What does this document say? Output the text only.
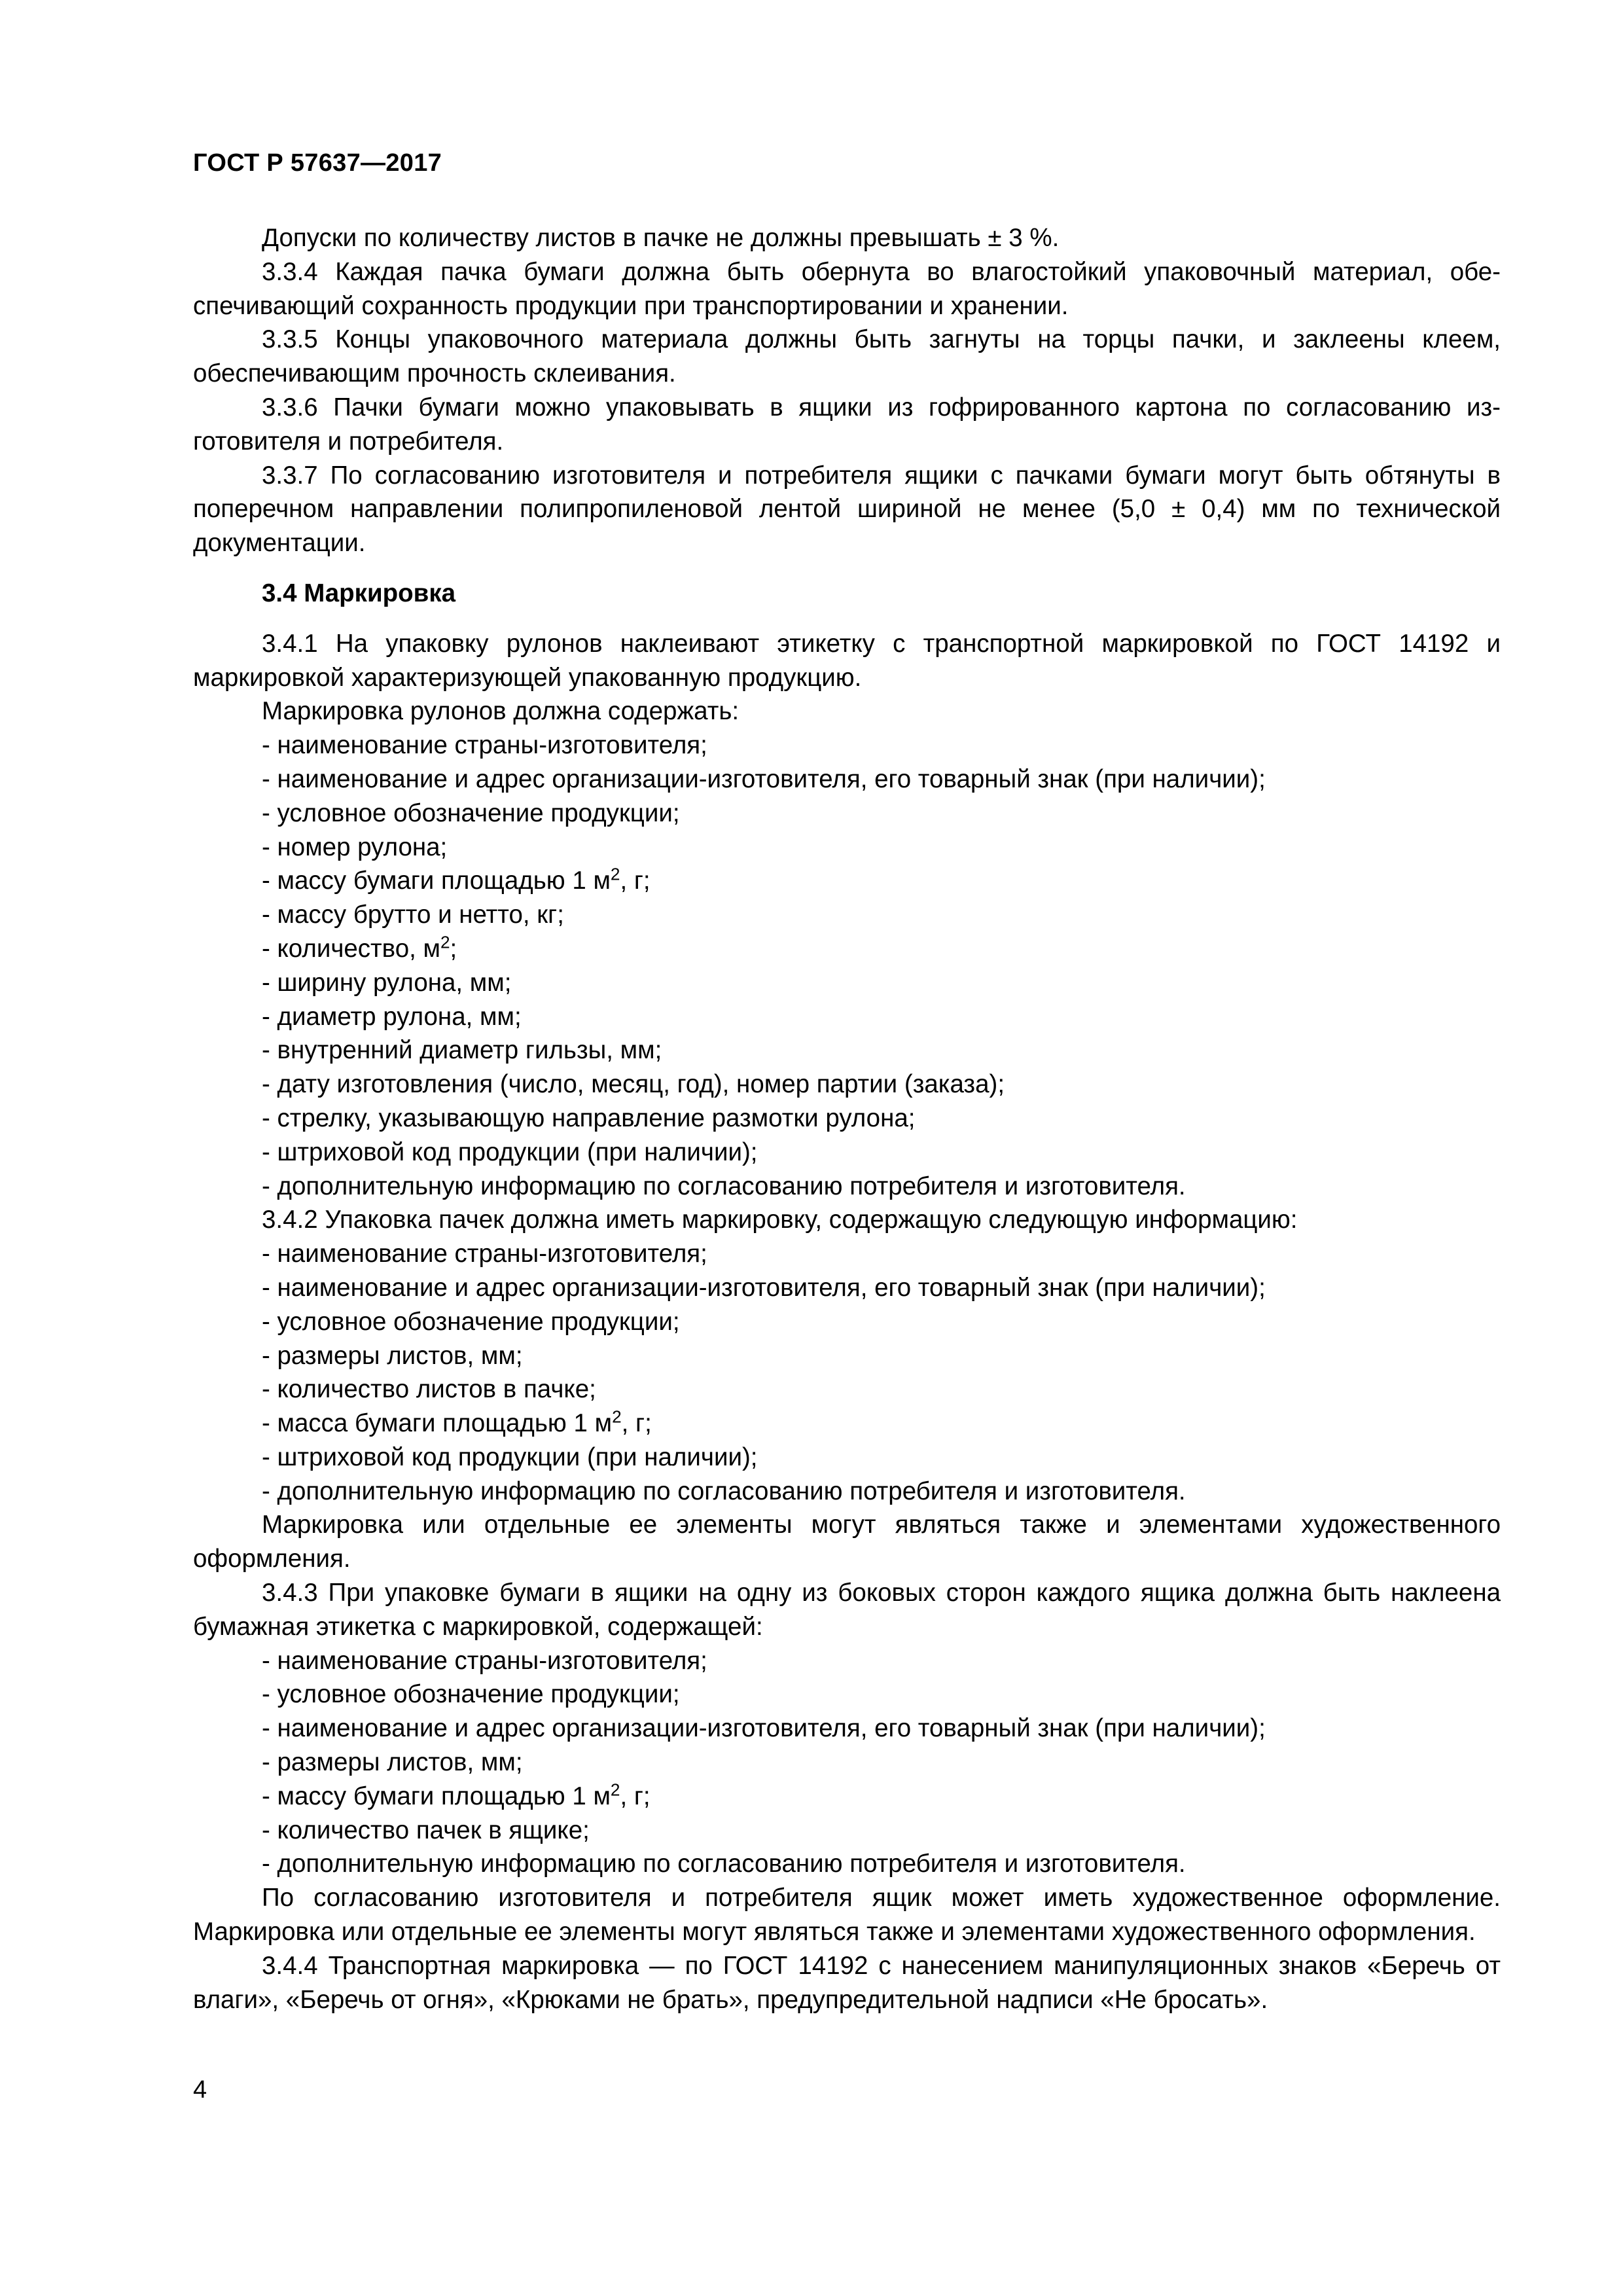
ГОСТ Р 57637—2017

Допуски по количеству листов в пачке не должны превышать ± 3 %.

3.3.4 Каждая пачка бумаги должна быть обернута во влагостойкий упаковочный материал, обеспечивающий сохранность продукции при транспортировании и хранении.

3.3.5 Концы упаковочного материала должны быть загнуты на торцы пачки, и заклеены клеем, обеспечивающим прочность склеивания.

3.3.6 Пачки бумаги можно упаковывать в ящики из гофрированного картона по согласованию изготовителя и потребителя.

3.3.7 По согласованию изготовителя и потребителя ящики с пачками бумаги могут быть обтянуты в поперечном направлении полипропиленовой лентой шириной не менее (5,0 ± 0,4) мм по технической документации.

3.4 Маркировка

3.4.1 На упаковку рулонов наклеивают этикетку с транспортной маркировкой по ГОСТ 14192 и маркировкой характеризующей упакованную продукцию.

Маркировка рулонов должна содержать:

- наименование страны-изготовителя;

- наименование и адрес организации-изготовителя, его товарный знак (при наличии);

- условное обозначение продукции;

- номер рулона;

- массу бумаги площадью 1 $м^2$, г;

- массу брутто и нетто, кг;

- количество, $м^2$;

- ширину рулона, мм;

- диаметр рулона, мм;

- внутренний диаметр гильзы, мм;

- дату изготовления (число, месяц, год), номер партии (заказа);

- стрелку, указывающую направление размотки рулона;

- штриховой код продукции (при наличии);

- дополнительную информацию по согласованию потребителя и изготовителя.

3.4.2 Упаковка пачек должна иметь маркировку, содержащую следующую информацию:

- наименование страны-изготовителя;

- наименование и адрес организации-изготовителя, его товарный знак (при наличии);

- условное обозначение продукции;

- размеры листов, мм;

- количество листов в пачке;

- масса бумаги площадью 1 $м^2$, г;

- штриховой код продукции (при наличии);

- дополнительную информацию по согласованию потребителя и изготовителя.

Маркировка или отдельные ее элементы могут являться также и элементами художественного оформления.

3.4.3 При упаковке бумаги в ящики на одну из боковых сторон каждого ящика должна быть наклеена бумажная этикетка с маркировкой, содержащей:

- наименование страны-изготовителя;

- условное обозначение продукции;

- наименование и адрес организации-изготовителя, его товарный знак (при наличии);

- размеры листов, мм;

- массу бумаги площадью 1 $м^2$, г;

- количество пачек в ящике;

- дополнительную информацию по согласованию потребителя и изготовителя.

По согласованию изготовителя и потребителя ящик может иметь художественное оформление. Маркировка или отдельные ее элементы могут являться также и элементами художественного оформления.

3.4.4 Транспортная маркировка — по ГОСТ 14192 с нанесением манипуляционных знаков «Беречь от влаги», «Беречь от огня», «Крюками не брать», предупредительной надписи «Не бросать».

4
